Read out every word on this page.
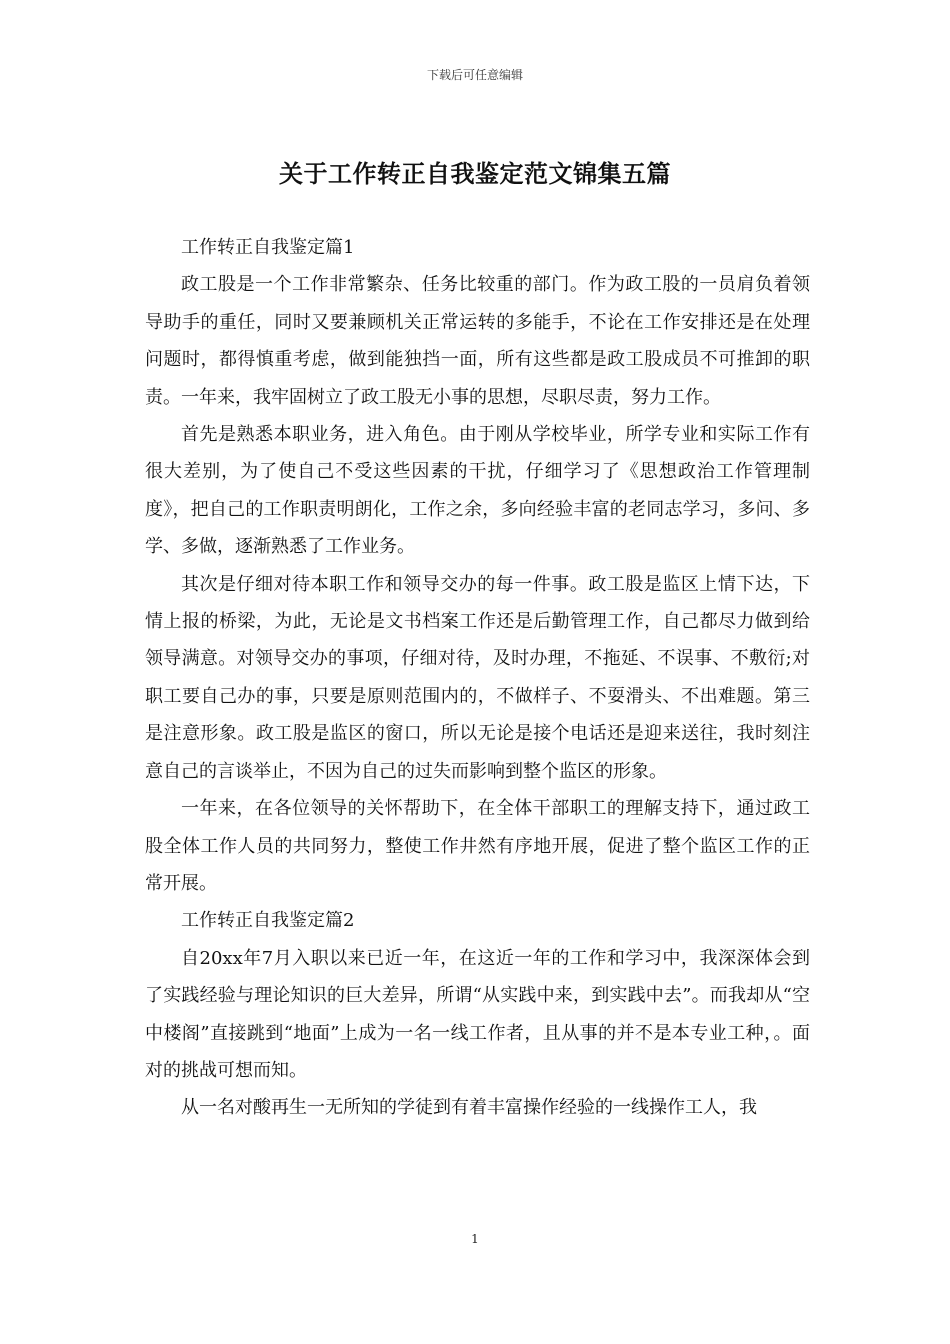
下载后可任意编辑
关于工作转正自我鉴定范文锦集五篇

工作转正自我鉴定篇1

政工股是一个工作非常繁杂、任务比较重的部门。作为政工股的一员肩负着领导助手的重任，同时又要兼顾机关正常运转的多能手，不论在工作安排还是在处理问题时，都得慎重考虑，做到能独挡一面，所有这些都是政工股成员不可推卸的职责。一年来，我牢固树立了政工股无小事的思想，尽职尽责，努力工作。

首先是熟悉本职业务，进入角色。由于刚从学校毕业，所学专业和实际工作有很大差别，为了使自己不受这些因素的干扰，仔细学习了《思想政治工作管理制度》，把自己的工作职责明朗化，工作之余，多向经验丰富的老同志学习，多问、多学、多做，逐渐熟悉了工作业务。

其次是仔细对待本职工作和领导交办的每一件事。政工股是监区上情下达，下情上报的桥梁，为此，无论是文书档案工作还是后勤管理工作，自己都尽力做到给领导满意。对领导交办的事项，仔细对待，及时办理，不拖延、不误事、不敷衍;对职工要自己办的事，只要是原则范围内的，不做样子、不耍滑头、不出难题。第三是注意形象。政工股是监区的窗口，所以无论是接个电话还是迎来送往，我时刻注意自己的言谈举止，不因为自己的过失而影响到整个监区的形象。

一年来，在各位领导的关怀帮助下，在全体干部职工的理解支持下，通过政工股全体工作人员的共同努力，整使工作井然有序地开展，促进了整个监区工作的正常开展。

工作转正自我鉴定篇2

自20xx年7月入职以来已近一年，在这近一年的工作和学习中，我深深体会到了实践经验与理论知识的巨大差异，所谓“从实践中来，到实践中去”。而我却从“空中楼阁”直接跳到“地面”上成为一名一线工作者，且从事的并不是本专业工种，。面对的挑战可想而知。

从一名对酸再生一无所知的学徒到有着丰富操作经验的一线操作工人，我

1
